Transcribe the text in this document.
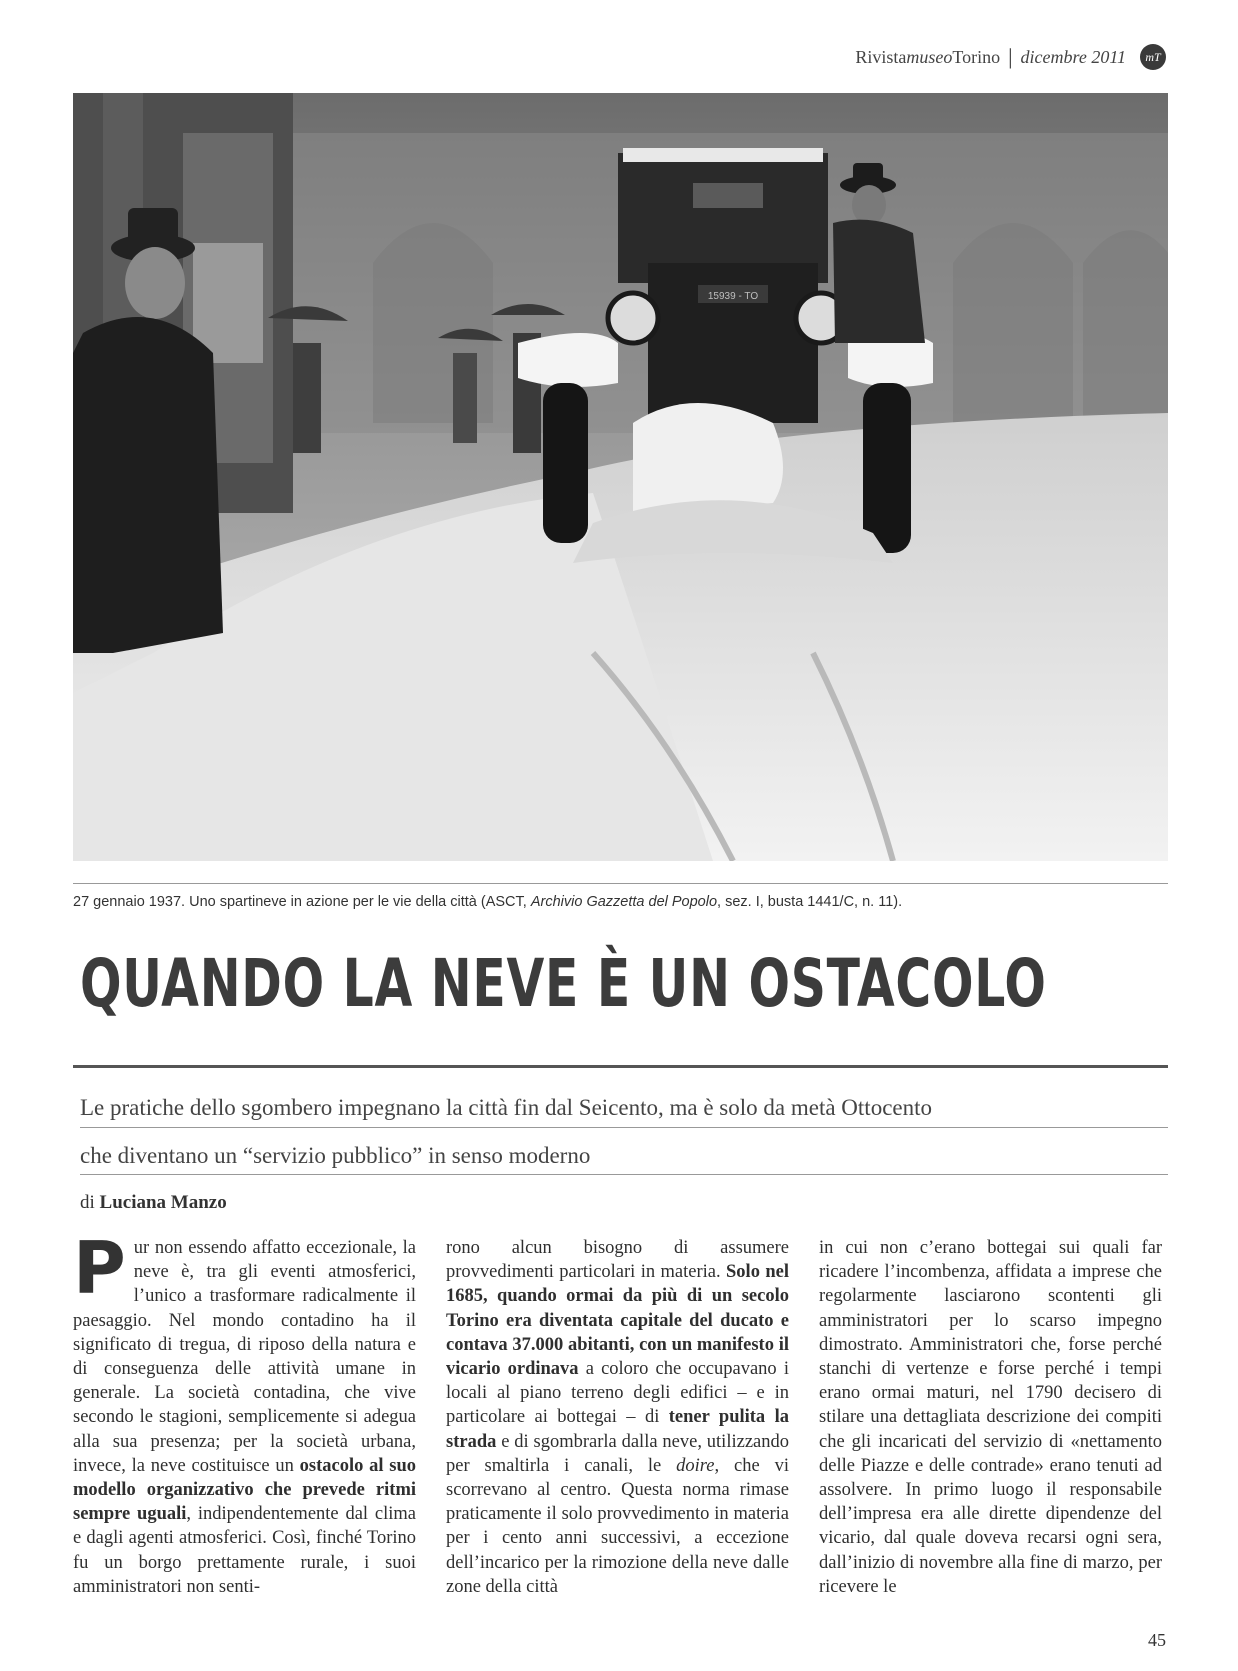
Rivista museo Torino | dicembre 2011	mT
15939 - TO
27 gennaio 1937. Uno spartineve in azione per le vie della città (ASCT, Archivio Gazzetta del Popolo, sez. I, busta 1441/C, n. 11).
QUANDO LA NEVE È UN OSTACOLO
Le pratiche dello sgombero impegnano la città fin dal Seicento, ma è solo da metà Ottocento
che diventano un “servizio pubblico” in senso moderno
di Luciana Manzo

Pur non essendo affatto eccezionale, la neve è, tra gli eventi atmosferici, l’unico a trasformare radicalmente il paesaggio. Nel mondo contadino ha il significato di tregua, di riposo della natura e di conseguenza delle attività umane in generale. La società contadina, che vive secondo le stagioni, semplicemente si adegua alla sua presenza; per la società urbana, invece, la neve costituisce un ostacolo al suo modello organizzativo che prevede ritmi sempre uguali, indipendentemente dal clima e dagli agenti atmosferici. Così, finché Torino fu un borgo prettamente rurale, i suoi amministratori non senti-

rono alcun bisogno di assumere provvedimenti particolari in materia. Solo nel 1685, quando ormai da più di un secolo Torino era diventata capitale del ducato e contava 37.000 abitanti, con un manifesto il vicario ordinava a coloro che occupavano i locali al piano terreno degli edifici – e in particolare ai bottegai – di tener pulita la strada e di sgombrarla dalla neve, utilizzando per smaltirla i canali, le doire, che vi scorrevano al centro. Questa norma rimase praticamente il solo provvedimento in materia per i cento anni successivi, a eccezione dell’incarico per la rimozione della neve dalle zone della città

in cui non c’erano bottegai sui quali far ricadere l’incombenza, affidata a imprese che regolarmente lasciarono scontenti gli amministratori per lo scarso impegno dimostrato. Amministratori che, forse perché stanchi di vertenze e forse perché i tempi erano ormai maturi, nel 1790 decisero di stilare una dettagliata descrizione dei compiti che gli incaricati del servizio di «nettamento delle Piazze e delle contrade» erano tenuti ad assolvere. In primo luogo il responsabile dell’impresa era alle dirette dipendenze del vicario, dal quale doveva recarsi ogni sera, dall’inizio di novembre alla fine di marzo, per ricevere le

45
